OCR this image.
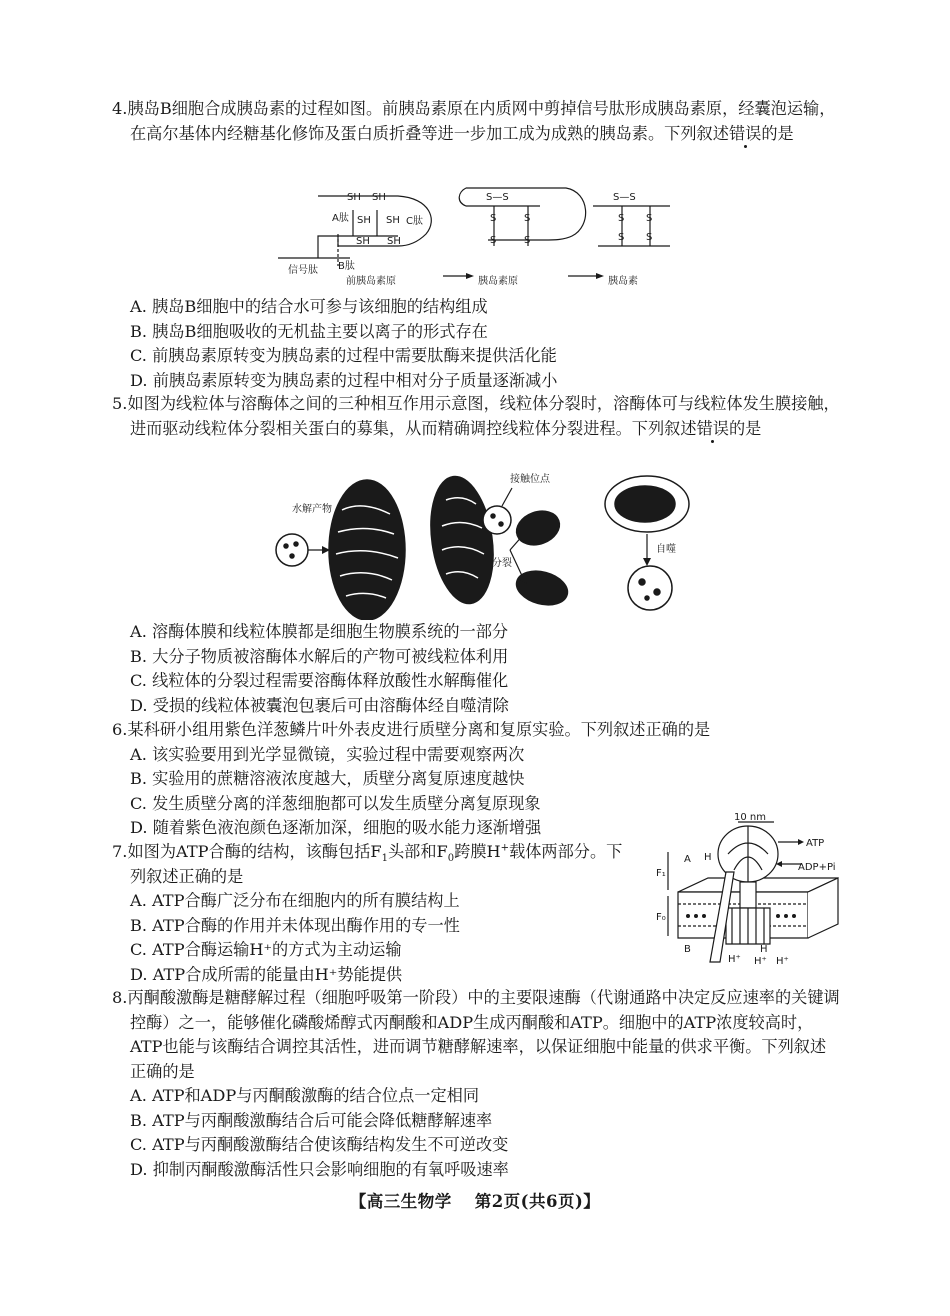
4.胰岛B细胞合成胰岛素的过程如图。前胰岛素原在内质网中剪掉信号肽形成胰岛素原，经囊泡运输，在高尔基体内经糖基化修饰及蛋白质折叠等进一步加工成为成熟的胰岛素。下列叙述错误的是

SH SH
A肽 SH SH C肽
SH SH
B肽
信号肽
前胰岛素原
S—S
S	S
S	S
胰岛素原
S—S
S S
S S
胰岛素

A. 胰岛B细胞中的结合水可参与该细胞的结构组成

B. 胰岛B细胞吸收的无机盐主要以离子的形式存在

C. 前胰岛素原转变为胰岛素的过程中需要肽酶来提供活化能

D. 前胰岛素原转变为胰岛素的过程中相对分子质量逐渐减小

5.如图为线粒体与溶酶体之间的三种相互作用示意图，线粒体分裂时，溶酶体可与线粒体发生膜接触，进而驱动线粒体分裂相关蛋白的募集，从而精确调控线粒体分裂进程。下列叙述错误的是

水解产物
接触位点
分裂
自噬

A. 溶酶体膜和线粒体膜都是细胞生物膜系统的一部分

B. 大分子物质被溶酶体水解后的产物可被线粒体利用

C. 线粒体的分裂过程需要溶酶体释放酸性水解酶催化

D. 受损的线粒体被囊泡包裹后可由溶酶体经自噬清除

6.某科研小组用紫色洋葱鳞片叶外表皮进行质壁分离和复原实验。下列叙述正确的是

A. 该实验要用到光学显微镜，实验过程中需要观察两次

B. 实验用的蔗糖溶液浓度越大，质壁分离复原速度越快

C. 发生质壁分离的洋葱细胞都可以发生质壁分离复原现象

D. 随着紫色液泡颜色逐渐加深，细胞的吸水能力逐渐增强

7.如图为ATP合酶的结构，该酶包括$F_1$头部和$F_0$跨膜H+载体两部分。下列叙述正确的是

A. ATP合酶广泛分布在细胞内的所有膜结构上

B. ATP合酶的作用并未体现出酶作用的专一性

C. ATP合酶运输H⁺的方式为主动运输

D. ATP合成所需的能量由H⁺势能提供

10 nm
ATP
ADP+Pi
A H
F₁
F₀
B
H⁺
H
H⁺ H⁺

8.丙酮酸激酶是糖酵解过程（细胞呼吸第一阶段）中的主要限速酶（代谢通路中决定反应速率的关键调控酶）之一，能够催化磷酸烯醇式丙酮酸和ADP生成丙酮酸和ATP。细胞中的ATP浓度较高时，ATP也能与该酶结合调控其活性，进而调节糖酵解速率，以保证细胞中能量的供求平衡。下列叙述正确的是

A. ATP和ADP与丙酮酸激酶的结合位点一定相同

B. ATP与丙酮酸激酶结合后可能会降低糖酵解速率

C. ATP与丙酮酸激酶结合使该酶结构发生不可逆改变

D. 抑制丙酮酸激酶活性只会影响细胞的有氧呼吸速率

【高三生物学 第2页(共6页)】
